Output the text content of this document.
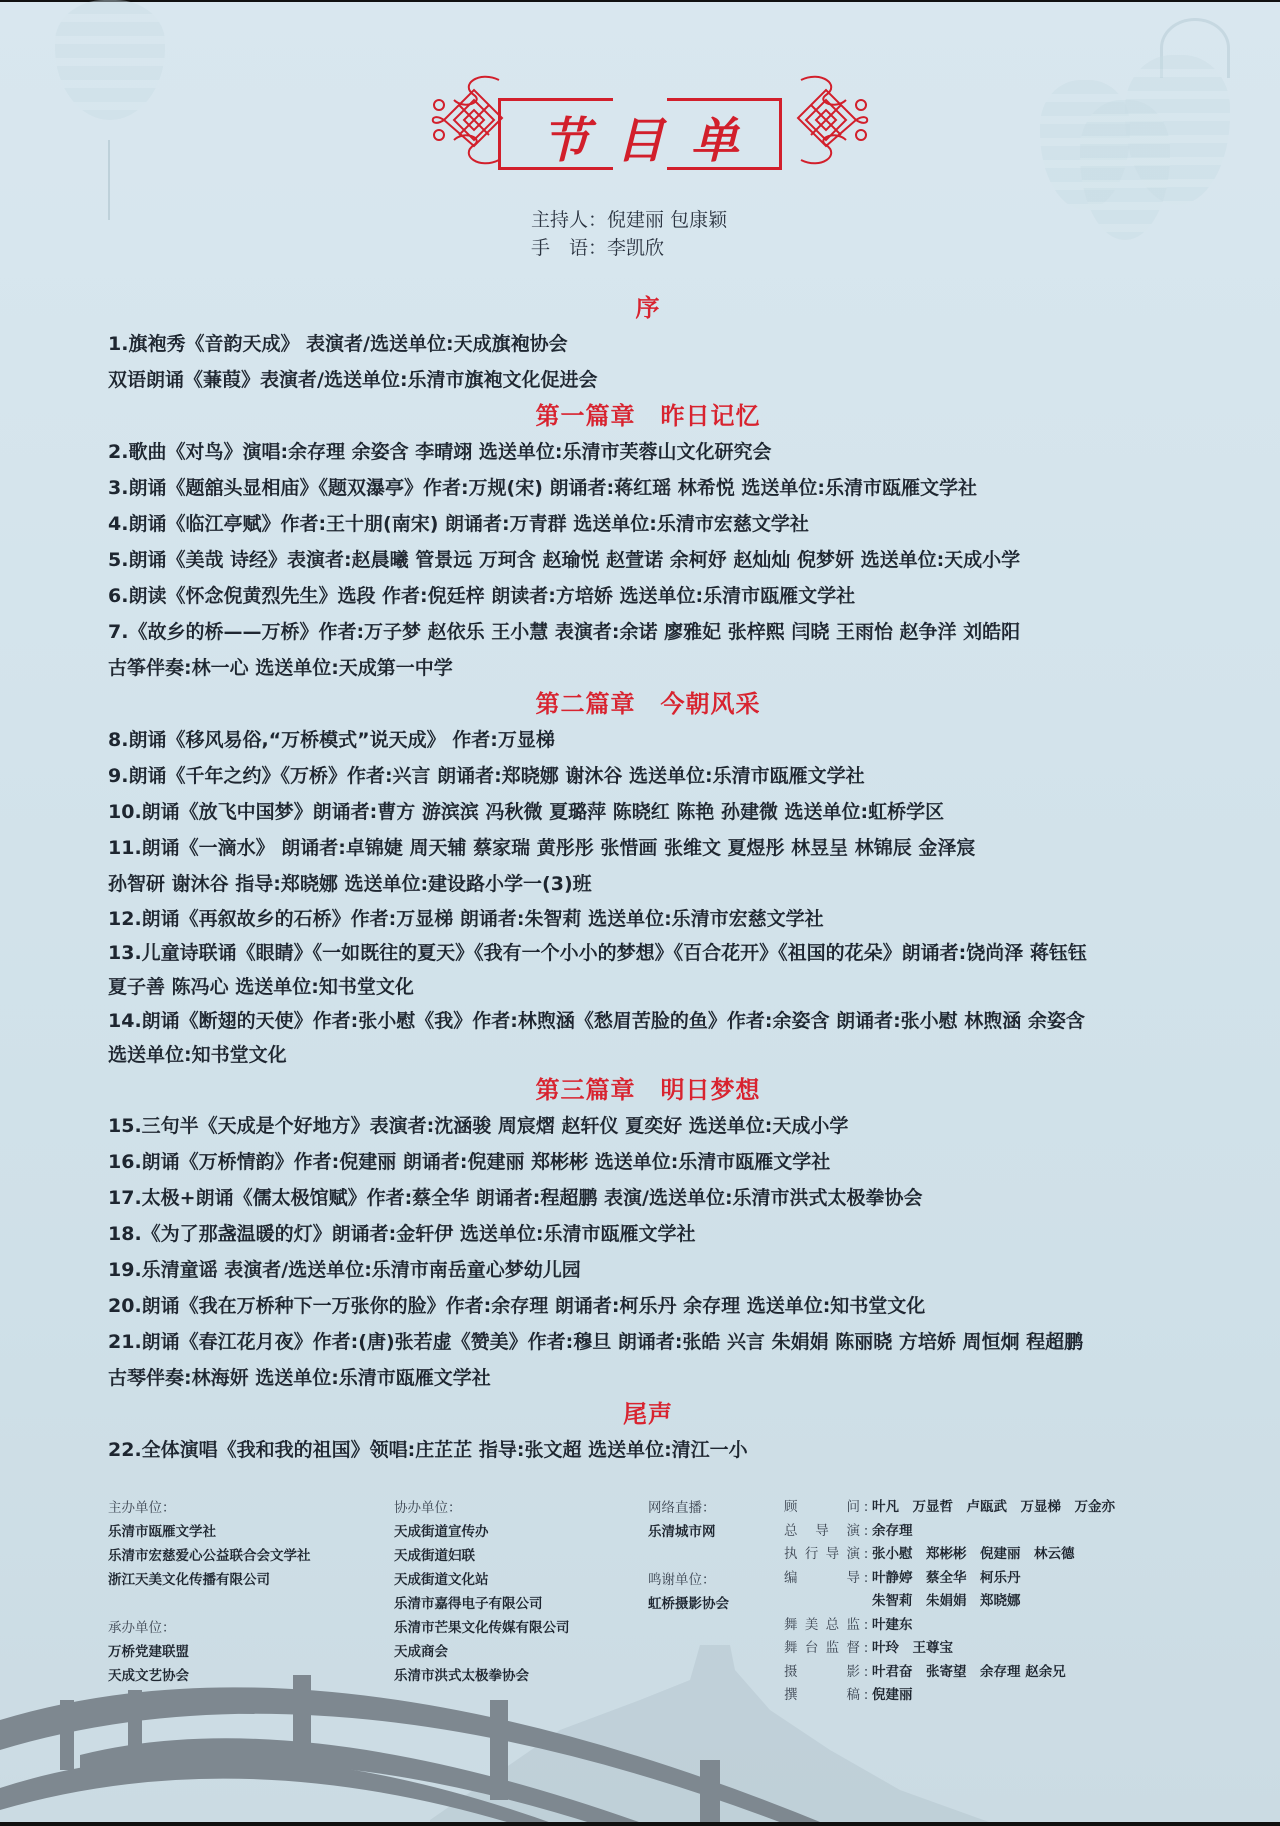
节 目 单
主持人：倪建丽 包康颖
手　语：李凯欣
序
1.旗袍秀《音韵天成》 表演者/选送单位:天成旗袍协会
双语朗诵《蒹葭》表演者/选送单位:乐清市旗袍文化促进会
第一篇章　昨日记忆
2.歌曲《对鸟》演唱:余存理 余姿含 李晴翊 选送单位:乐清市芙蓉山文化研究会
3.朗诵《题舘头显相庙》《题双瀑亭》作者:万规(宋) 朗诵者:蒋红瑶 林希悦 选送单位:乐清市瓯雁文学社
4.朗诵《临江亭赋》作者:王十朋(南宋) 朗诵者:万青群 选送单位:乐清市宏慈文学社
5.朗诵《美哉 诗经》表演者:赵晨曦 管景远 万珂含 赵瑜悦 赵萱诺 余柯妤 赵灿灿 倪梦妍 选送单位:天成小学
6.朗读《怀念倪黄烈先生》选段 作者:倪廷梓 朗读者:方培娇 选送单位:乐清市瓯雁文学社
7.《故乡的桥——万桥》作者:万子梦 赵依乐 王小慧 表演者:余诺 廖雅妃 张梓熙 闫晓 王雨怡 赵争洋 刘皓阳
古筝伴奏:林一心 选送单位:天成第一中学
第二篇章　今朝风采
8.朗诵《移风易俗,“万桥模式”说天成》 作者:万显梯
9.朗诵《千年之约》《万桥》作者:兴言 朗诵者:郑晓娜 谢沐谷 选送单位:乐清市瓯雁文学社
10.朗诵《放飞中国梦》朗诵者:曹方 游滨滨 冯秋微 夏璐萍 陈晓红 陈艳 孙建微 选送单位:虹桥学区
11.朗诵《一滴水》 朗诵者:卓锦婕 周天辅 蔡家瑞 黄彤彤 张惜画 张维文 夏煜彤 林昱呈 林锦辰 金泽宸
孙智研 谢沐谷 指导:郑晓娜 选送单位:建设路小学一(3)班
12.朗诵《再叙故乡的石桥》作者:万显梯 朗诵者:朱智莉 选送单位:乐清市宏慈文学社
13.儿童诗联诵《眼睛》《一如既往的夏天》《我有一个小小的梦想》《百合花开》《祖国的花朵》朗诵者:饶尚泽 蒋钰钰
夏子善 陈冯心 选送单位:知书堂文化
14.朗诵《断翅的天使》作者:张小慰《我》作者:林煦涵《愁眉苦脸的鱼》作者:余姿含 朗诵者:张小慰 林煦涵 余姿含
选送单位:知书堂文化
第三篇章　明日梦想
15.三句半《天成是个好地方》表演者:沈涵骏 周宸熠 赵轩仪 夏奕好 选送单位:天成小学
16.朗诵《万桥情韵》作者:倪建丽 朗诵者:倪建丽 郑彬彬 选送单位:乐清市瓯雁文学社
17.太极+朗诵《儒太极馆赋》作者:蔡全华 朗诵者:程超鹏 表演/选送单位:乐清市洪式太极拳协会
18.《为了那盏温暖的灯》朗诵者:金轩伊 选送单位:乐清市瓯雁文学社
19.乐清童谣 表演者/选送单位:乐清市南岳童心梦幼儿园
20.朗诵《我在万桥种下一万张你的脸》作者:余存理 朗诵者:柯乐丹 余存理 选送单位:知书堂文化
21.朗诵《春江花月夜》作者:(唐)张若虚《赞美》作者:穆旦 朗诵者:张皓 兴言 朱娟娟 陈丽晓 方培娇 周恒炯 程超鹏
古琴伴奏:林海妍 选送单位:乐清市瓯雁文学社
尾声
22.全体演唱《我和我的祖国》领唱:庄芷芷 指导:张文超 选送单位:清江一小
主办单位：
乐清市瓯雁文学社
乐清市宏慈爱心公益联合会文学社
浙江天美文化传播有限公司
承办单位：
万桥党建联盟
天成文艺协会
协办单位：
天成街道宣传办
天成街道妇联
天成街道文化站
乐清市嘉得电子有限公司
乐清市芒果文化传媒有限公司
天成商会
乐清市洪式太极拳协会
网络直播：
乐清城市网
鸣谢单位：
虹桥摄影协会
顾问 : 叶凡　万显哲　卢瓯武　万显梯　万金亦
总导演 : 余存理
执行导演 : 张小慰　郑彬彬　倪建丽　林云德
编导 : 叶静婷　蔡全华　柯乐丹
朱智莉　朱娟娟　郑晓娜
舞美总监 : 叶建东
舞台监督 : 叶玲　王尊宝
摄影 : 叶君奋　张寄望　余存理 赵余兄
撰稿 : 倪建丽
